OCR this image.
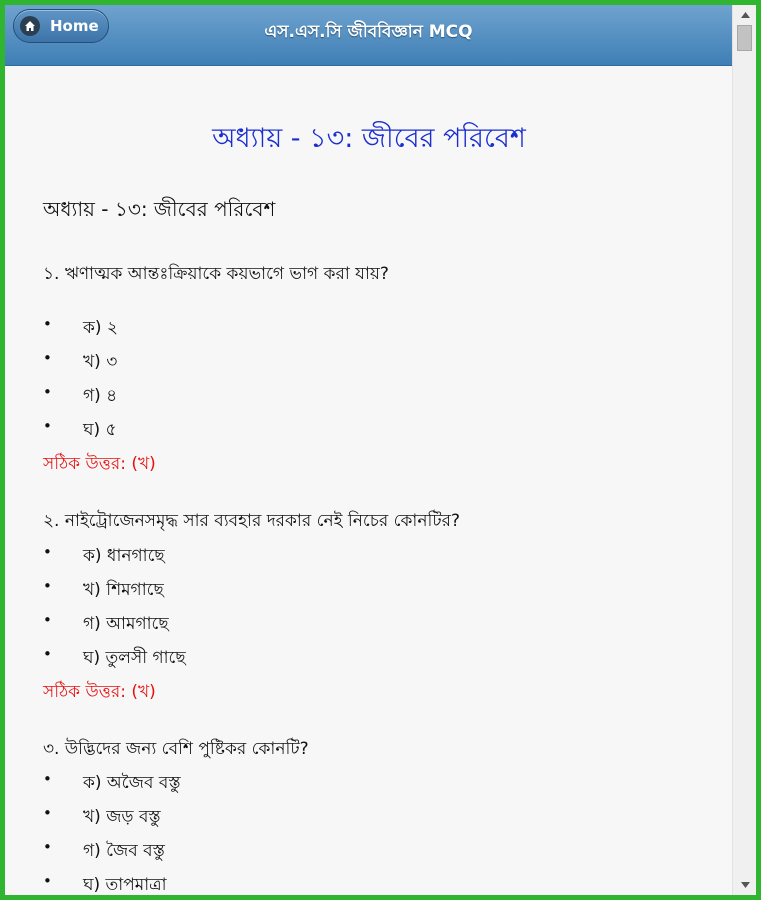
Home	এস.এস.সি জীববিজ্ঞান MCQ
অধ্যায় - ১৩: জীবের পরিবেশ
অধ্যায় - ১৩: জীবের পরিবেশ
১. ঋণাত্মক আন্তঃক্রিয়াকে কয়ভাগে ভাগ করা যায়?
• ক) ২
• খ) ৩
• গ) ৪
• ঘ) ৫
সঠিক উত্তর: (খ)
২. নাইট্রোজেনসমৃদ্ধ সার ব্যবহার দরকার নেই নিচের কোনটির?
• ক) ধানগাছে
• খ) শিমগাছে
• গ) আমগাছে
• ঘ) তুলসী গাছে
সঠিক উত্তর: (খ)
৩. উদ্ভিদের জন্য বেশি পুষ্টিকর কোনটি?
• ক) অজৈব বস্তু
• খ) জড় বস্তু
• গ) জৈব বস্তু
• ঘ) তাপমাত্রা
